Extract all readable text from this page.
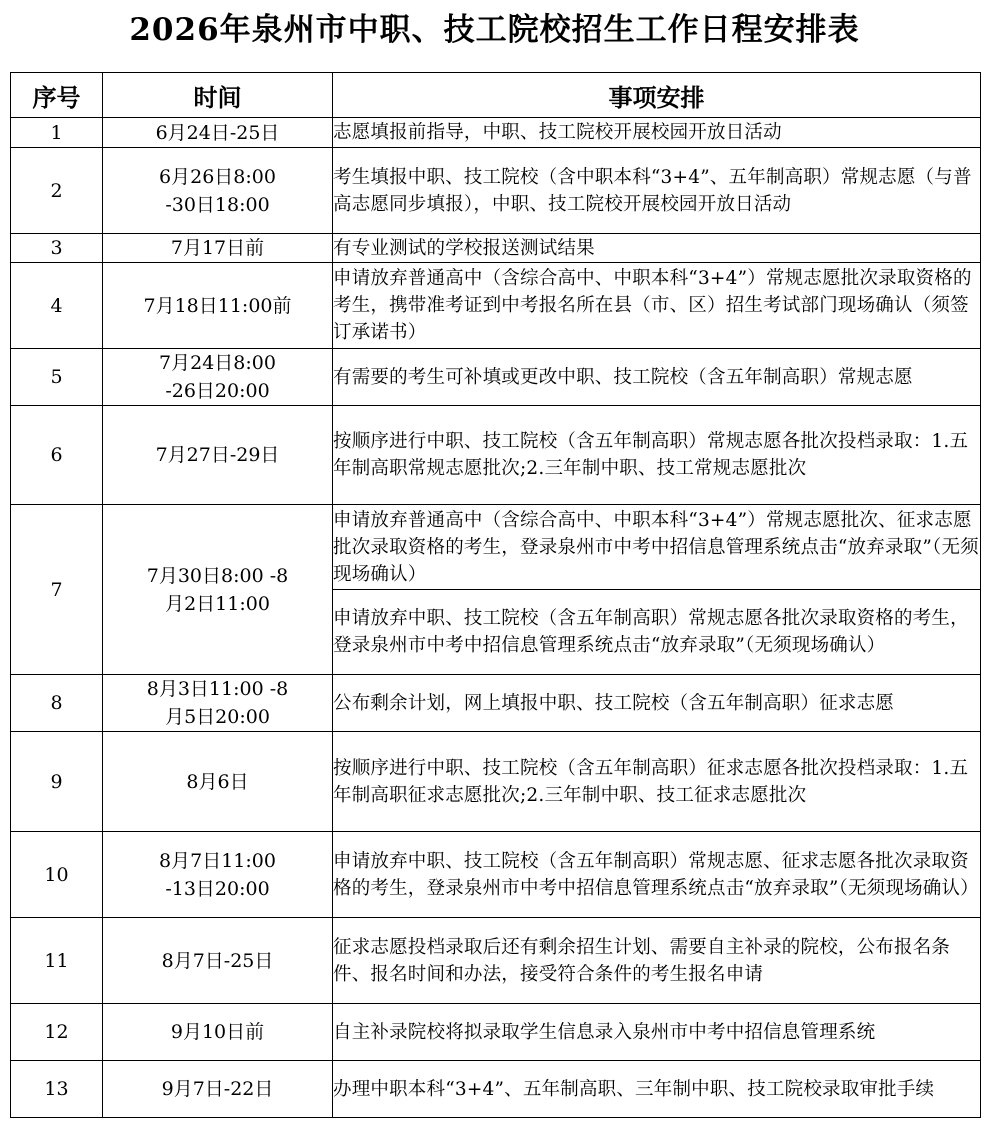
2026年泉州市中职、技工院校招生工作日程安排表
序号	时间	事项安排
1	6月24日-25日	志愿填报前指导，中职、技工院校开展校园开放日活动
2	6月26日8:00 -30日18:00	考生填报中职、技工院校（含中职本科“3+4”、五年制高职）常规志愿（与普高志愿同步填报），中职、技工院校开展校园开放日活动
3	7月17日前	有专业测试的学校报送测试结果
4	7月18日11:00前	申请放弃普通高中（含综合高中、中职本科“3+4”）常规志愿批次录取资格的考生，携带准考证到中考报名所在县（市、区）招生考试部门现场确认（须签订承诺书）
5	7月24日8:00 -26日20:00	有需要的考生可补填或更改中职、技工院校（含五年制高职）常规志愿
6	7月27日-29日	按顺序进行中职、技工院校（含五年制高职）常规志愿各批次投档录取：1.五年制高职常规志愿批次;2.三年制中职、技工常规志愿批次
7	7月30日8:00 -8月2日11:00	申请放弃普通高中（含综合高中、中职本科“3+4”）常规志愿批次、征求志愿批次录取资格的考生，登录泉州市中考中招信息管理系统点击“放弃录取”（无须现场确认）
		申请放弃中职、技工院校（含五年制高职）常规志愿各批次录取资格的考生，登录泉州市中考中招信息管理系统点击“放弃录取”（无须现场确认）
8	8月3日11:00 -8月5日20:00	公布剩余计划，网上填报中职、技工院校（含五年制高职）征求志愿
9	8月6日	按顺序进行中职、技工院校（含五年制高职）征求志愿各批次投档录取：1.五年制高职征求志愿批次;2.三年制中职、技工征求志愿批次
10	8月7日11:00 -13日20:00	申请放弃中职、技工院校（含五年制高职）常规志愿、征求志愿各批次录取资格的考生，登录泉州市中考中招信息管理系统点击“放弃录取”（无须现场确认）
11	8月7日-25日	征求志愿投档录取后还有剩余招生计划、需要自主补录的院校，公布报名条件、报名时间和办法，接受符合条件的考生报名申请
12	9月10日前	自主补录院校将拟录取学生信息录入泉州市中考中招信息管理系统
13	9月7日-22日	办理中职本科“3+4”、五年制高职、三年制中职、技工院校录取审批手续
